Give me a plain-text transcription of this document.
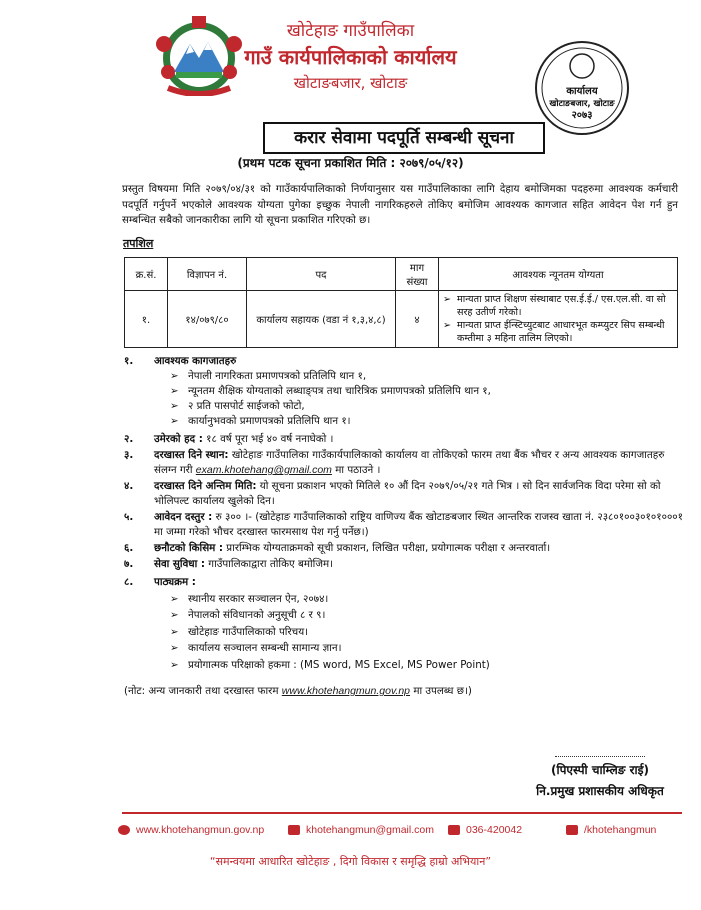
खोटेहाङ गाउँपालिका
गाउँ कार्यपालिकाको कार्यालय
खोटाङबजार, खोटाङ	कार्यालय
खोटाङबजार, खोटाङ
२०७३
करार सेवामा पदपूर्ति सम्बन्धी सूचना
(प्रथम पटक सूचना प्रकाशित मिति : २०७९/०५/१२)
प्रस्तुत विषयमा मिति २०७९/०४/३१ को गाउँकार्यपालिकाको निर्णयानुसार यस गाउँपालिकाका लागि देहाय बमोजिमका पदहरुमा आवश्यक कर्मचारी पदपूर्ति गर्नुपर्ने भएकोले आवश्यक योग्यता पुगेका इच्छुक नेपाली नागरिकहरुले तोकिए बमोजिम आवश्यक कागजात सहित आवेदन पेश गर्न हुन सम्बन्धित सबैको जानकारीका लागि यो सूचना प्रकाशित गरिएको छ।
तपशिल
क्र.सं.	विज्ञापन नं.	पद	माग संख्या	आवश्यक न्यूनतम योग्यता
१.	१४/०७९/८०	कार्यालय सहायक (वडा नं १,३,४,८)	४	➢ मान्यता प्राप्त शिक्षण संस्थाबाट एस.ई.ई./ एस.एल.सी. वा सो सरह उतीर्ण गरेको।
➢ मान्यता प्राप्त ईन्स्टिच्युटबाट आधारभूत कम्प्युटर सिप सम्बन्धी कम्तीमा ३ महिना तालिम लिएको।
१.	आवश्यक कागजातहरु
➢ नेपाली नागरिकता प्रमाणपत्रको प्रतिलिपि थान १,
➢ न्यूनतम शैक्षिक योग्यताको लब्धाङ्पत्र तथा चारित्रिक प्रमाणपत्रको प्रतिलिपि थान १,
➢ २ प्रति पासपोर्ट साईजको फोटो,
➢ कार्यानुभवको प्रमाणपत्रको प्रतिलिपि थान १।
२.	उमेरको हद : १८ वर्ष पूरा भई ४० वर्ष ननाघेको ।
३.	दरखास्त दिने स्थान: खोटेहाङ गाउँपालिका गाउँकार्यपालिकाको कार्यालय वा तोकिएको फारम तथा बैंक भौचर र अन्य आवश्यक कागजातहरु संलग्न गरी exam.khotehang@gmail.com मा पठाउने ।
४.	दरखास्त दिने अन्तिम मिति: यो सूचना प्रकाशन भएको मितिले १० औं दिन २०७९/०५/२१ गते भित्र । सो दिन सार्वजनिक विदा परेमा सो को भोलिपल्ट कार्यालय खुलेको दिन।
५.	आवेदन दस्तुर : रु ३०० ।- (खोटेहाङ गाउँपालिकाको राष्ट्रिय वाणिज्य बैंक खोटाङबजार स्थित आन्तरिक राजस्व खाता नं. २३८०१००३०१०१०००१ मा जम्मा गरेको भौचर दरखास्त फारमसाथ पेश गर्नु पर्नेछ।)
६.	छनौटको किसिम : प्रारम्भिक योग्यताक्रमको सूची प्रकाशन, लिखित परीक्षा, प्रयोगात्मक परीक्षा र अन्तरवार्ता।
७.	सेवा सुविधा : गाउँपालिकाद्वारा तोकिए बमोजिम।
८.	पाठ्यक्रम :
➢ स्थानीय सरकार सञ्चालन ऐन, २०७४।
➢ नेपालको संविधानको अनुसूची ८ र ९।
➢ खोटेहाङ गाउँपालिकाको परिचय।
➢ कार्यालय सञ्चालन सम्बन्धी सामान्य ज्ञान।
➢ प्रयोगात्मक परिक्षाको हकमा : (MS word, MS Excel, MS Power Point)
(नोट: अन्य जानकारी तथा दरखास्त फारम www.khotehangmun.gov.np मा उपलब्ध छ।)
(पिएस्पी चाम्लिङ राई)
नि.प्रमुख प्रशासकीय अधिकृत
www.khotehangmun.gov.np	khotehangmun@gmail.com	036-420042	/khotehangmun
“समन्वयमा आधारित खोटेहाङ , दिगो विकास र समृद्धि हाम्रो अभियान”
